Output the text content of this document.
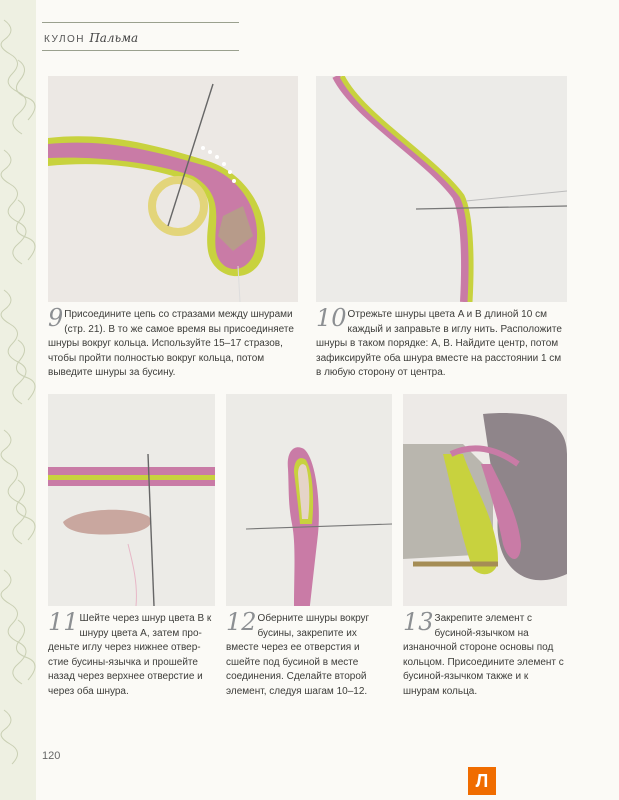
КУЛОН Пальма
9 Присоедините цепь со стразами между шнурами (стр. 21). В то же самое время вы присоединяете шнуры вокруг кольца. Используйте 15–17 стразов, чтобы пройти полностью вокруг кольца, потом выведите шнуры за бусину.
10 Отрежьте шнуры цвета A и B длиной 10 см каждый и заправьте в иглу нить. Расположите шнуры в таком порядке: A, B. Найдите центр, потом зафиксируйте оба шнура вместе на расстоянии 1 см в любую сторону от центра.
11 Шейте через шнур цвета B к шнуру цвета A, затем проденьте иглу через нижнее отверстие бусины-язычка и прошейте назад через верхнее отверстие и через оба шнура.
12 Оберните шнуры вокруг бусины, закрепите их вместе через ее отверстия и сшейте под бусиной в месте соединения. Сделайте второй элемент, следуя шагам 10–12.
13 Закрепите элемент с бусиной-язычком на изнаночной стороне основы под кольцом. Присоедините элемент с бусиной-язычком также и к шнурам кольца.
120
Л
